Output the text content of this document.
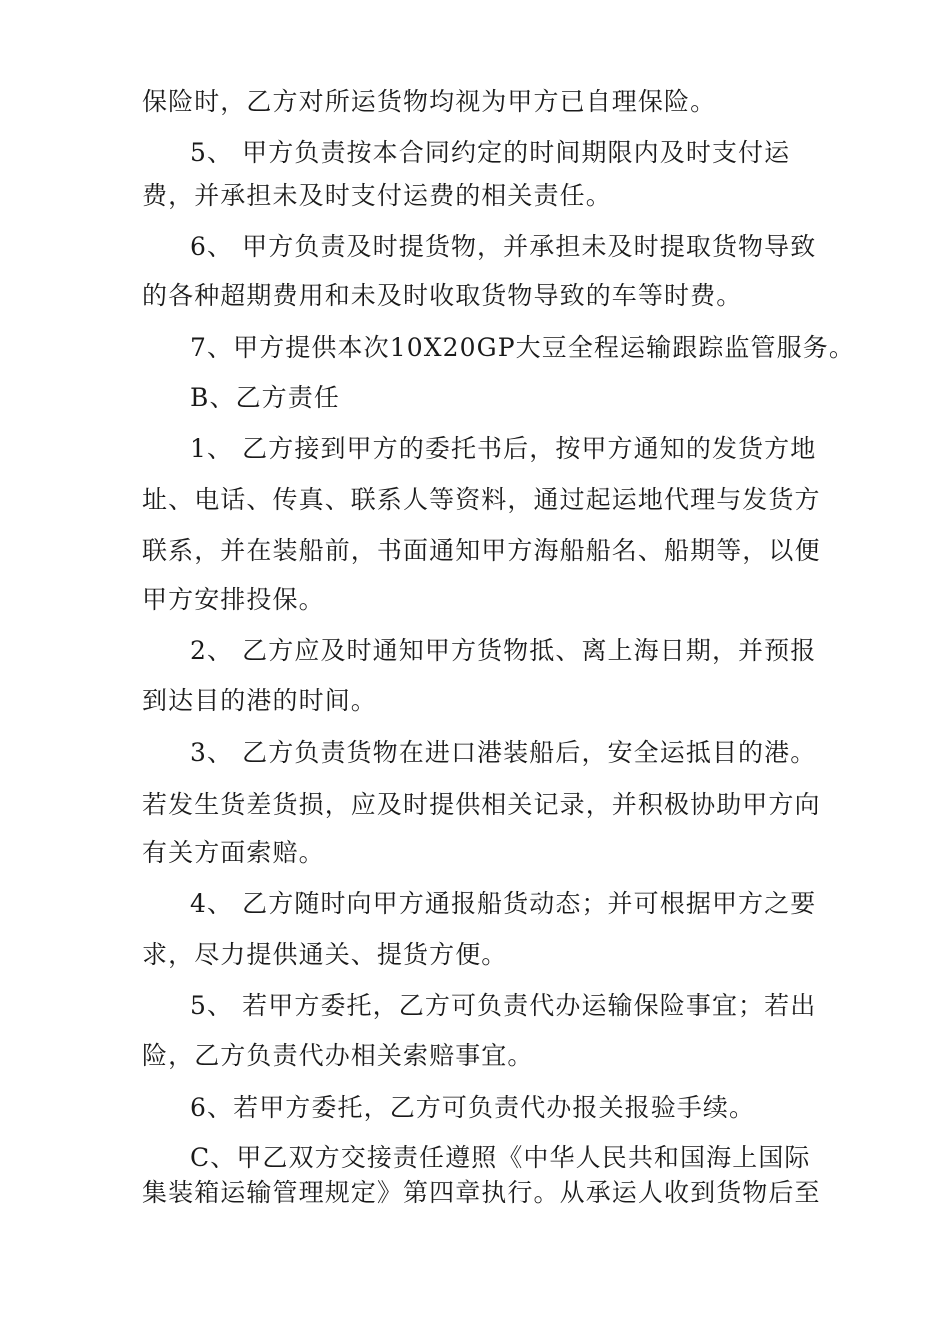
保险时，乙方对所运货物均视为甲方已自理保险。
5、 甲方负责按本合同约定的时间期限内及时支付运
费，并承担未及时支付运费的相关责任。
6、 甲方负责及时提货物，并承担未及时提取货物导致
的各种超期费用和未及时收取货物导致的车等时费。
7、甲方提供本次10X20GP大豆全程运输跟踪监管服务。
B、乙方责任
1、 乙方接到甲方的委托书后，按甲方通知的发货方地
址、电话、传真、联系人等资料，通过起运地代理与发货方
联系，并在装船前，书面通知甲方海船船名、船期等，以便
甲方安排投保。
2、 乙方应及时通知甲方货物抵、离上海日期，并预报
到达目的港的时间。
3、 乙方负责货物在进口港装船后，安全运抵目的港。
若发生货差货损，应及时提供相关记录，并积极协助甲方向
有关方面索赔。
4、 乙方随时向甲方通报船货动态；并可根据甲方之要
求，尽力提供通关、提货方便。
5、 若甲方委托，乙方可负责代办运输保险事宜；若出
险，乙方负责代办相关索赔事宜。
6、若甲方委托，乙方可负责代办报关报验手续。
C、甲乙双方交接责任遵照《中华人民共和国海上国际
集装箱运输管理规定》第四章执行。从承运人收到货物后至
